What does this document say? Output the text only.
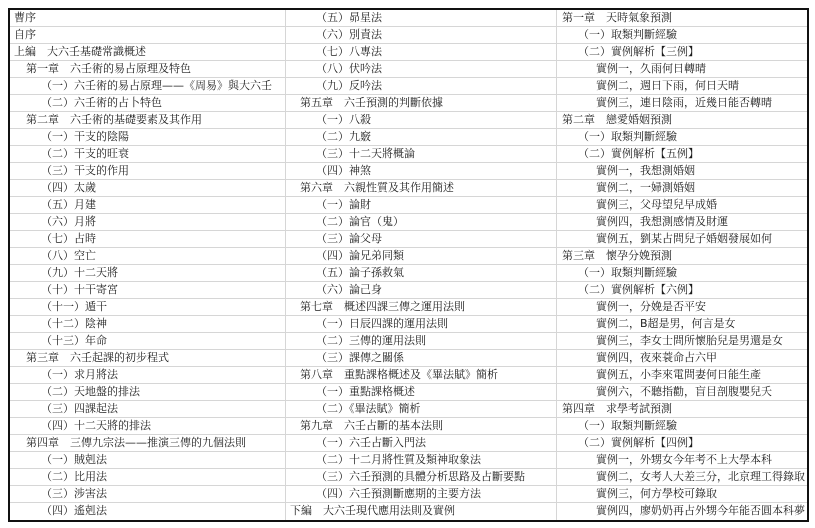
曹序
自序
上編　大六壬基礎常識概述
第一章　六壬術的易占原理及特色
（一）六壬術的易占原理——《周易》與大六壬
（二）六壬術的占卜特色
第二章　六壬術的基礎要素及其作用
（一）干支的陰陽
（二）干支的旺衰
（三）干支的作用
（四）太歲
（五）月建
（六）月將
（七）占時
（八）空亡
（九）十二天將
（十）十干寄宮
（十一）遁干
（十二）陰神
（十三）年命
第三章　六壬起課的初步程式
（一）求月將法
（二）天地盤的排法
（三）四課起法
（四）十二天將的排法
第四章　三傳九宗法——推演三傳的九個法則
（一）賊剋法
（二）比用法
（三）涉害法
（四）遙剋法
（五）昴星法
（六）別責法
（七）八專法
（八）伏吟法
（九）反吟法
第五章　六壬預測的判斷依據
（一）八殺
（二）九竅
（三）十二天將概論
（四）神煞
第六章　六親性質及其作用簡述
（一）論財
（二）論官（鬼）
（三）論父母
（四）論兄弟同類
（五）論子孫救氣
（六）論己身
第七章　概述四課三傳之運用法則
（一）日辰四課的運用法則
（二）三傳的運用法則
（三）課傳之關係
第八章　重點課格概述及《畢法賦》簡析
（一）重點課格概述
（二）《畢法賦》簡析
第九章　六壬占斷的基本法則
（一）六壬占斷入門法
（二）十二月將性質及類神取象法
（三）六壬預測的具體分析思路及占斷要點
（四）六壬預測斷應期的主要方法
下編　大六壬現代應用法則及實例
第一章　天時氣象預測
（一）取類判斷經驗
（二）實例解析【三例】
實例一，久雨何日轉晴
實例二，週日下雨，何日天晴
實例三，連日陰雨，近幾日能否轉晴
第二章　戀愛婚姻預測
（一）取類判斷經驗
（二）實例解析【五例】
實例一，我想測婚姻
實例二，一婦測婚姻
實例三，父母望兒早成婚
實例四，我想測感情及財運
實例五，劉某占問兒子婚姻發展如何
第三章　懷孕分娩預測
（一）取類判斷經驗
（二）實例解析【六例】
實例一，分娩是否平安
實例二，B超是男，何言是女
實例三，李女士問所懷胎兒是男還是女
實例四，夜來蓑命占六甲
實例五，小李來電問妻何日能生產
實例六，不聽指勸，盲目剖腹嬰兒夭
第四章　求學考試預測
（一）取類判斷經驗
（二）實例解析【四例】
實例一，外甥女今年考不上大學本科
實例二，女考人大差三分，北京理工得錄取
實例三，何方學校可錄取
實例四，廖奶奶再占外甥今年能否圓本科夢
